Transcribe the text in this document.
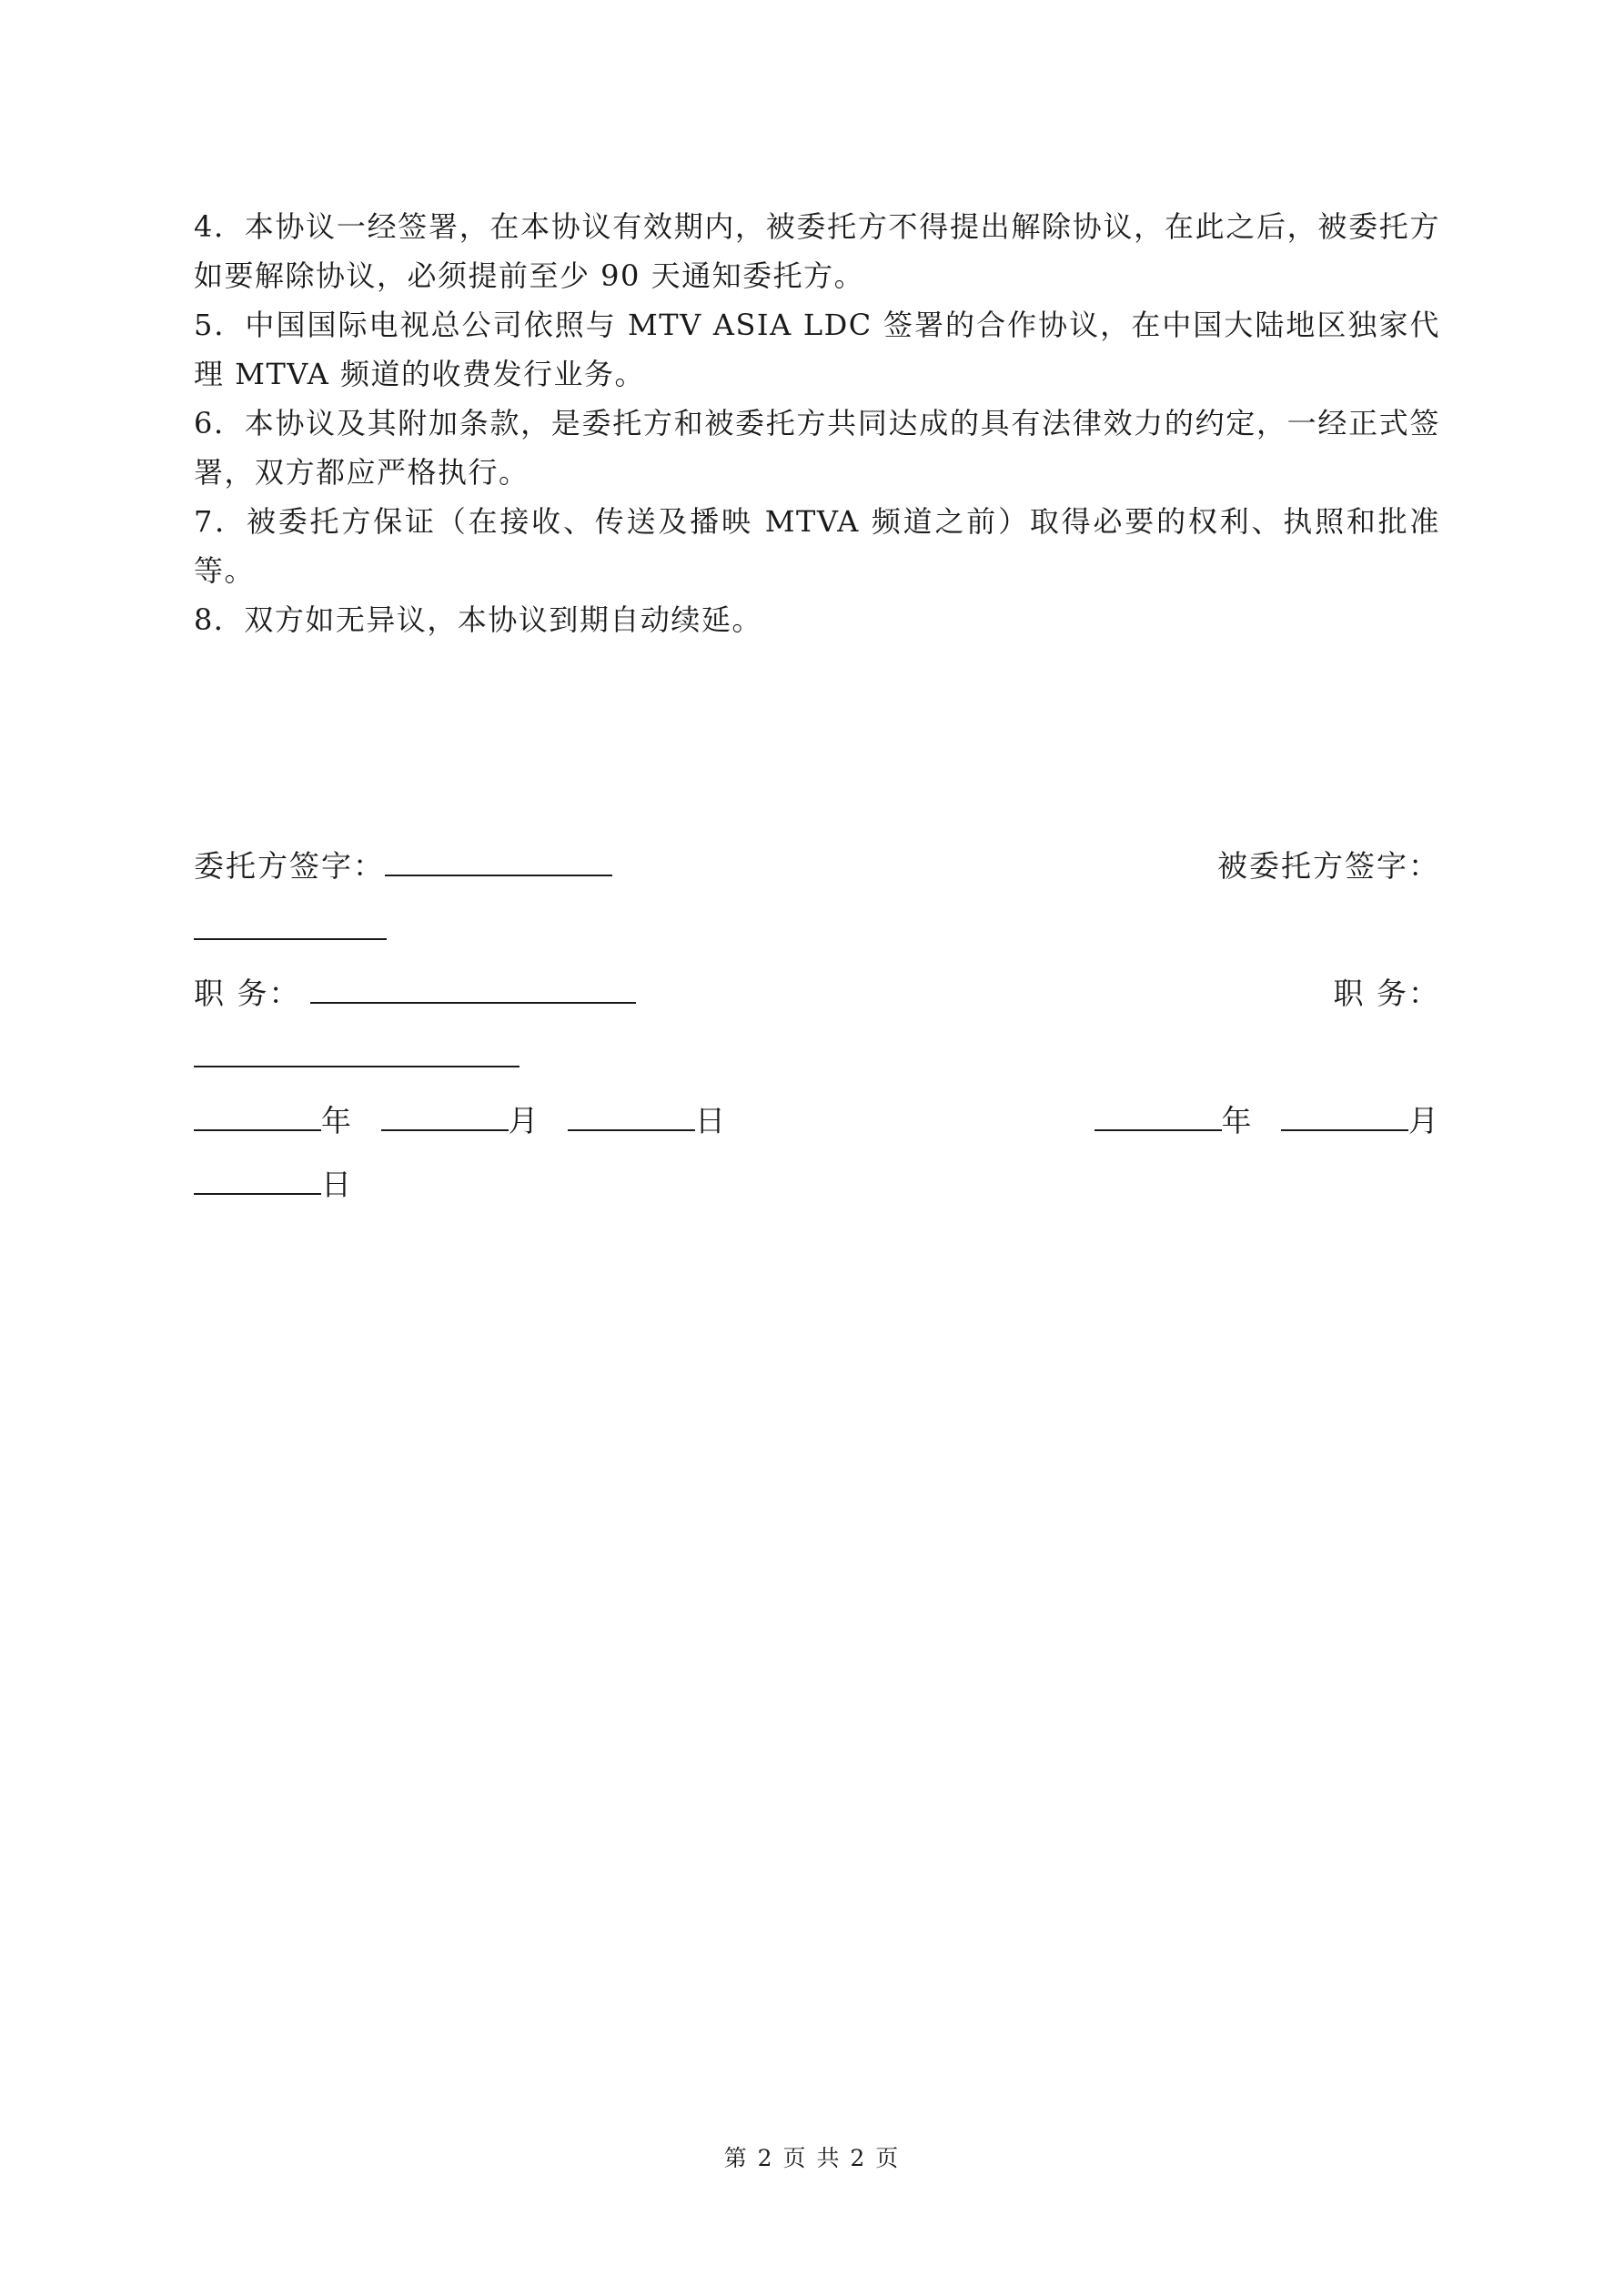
4．本协议一经签署，在本协议有效期内，被委托方不得提出解除协议，在此之后，被委托方如要解除协议，必须提前至少 90 天通知委托方。

5．中国国际电视总公司依照与 MTV ASIA LDC 签署的合作协议，在中国大陆地区独家代理 MTVA 频道的收费发行业务。

6．本协议及其附加条款，是委托方和被委托方共同达成的具有法律效力的约定，一经正式签署，双方都应严格执行。

7．被委托方保证（在接收、传送及播映 MTVA 频道之前）取得必要的权利、执照和批准等。

8．双方如无异议，本协议到期自动续延。

委托方签字：	被委托方签字：
职 务：	职 务：
年	月	日	年	月
日
第 2 页 共 2 页
